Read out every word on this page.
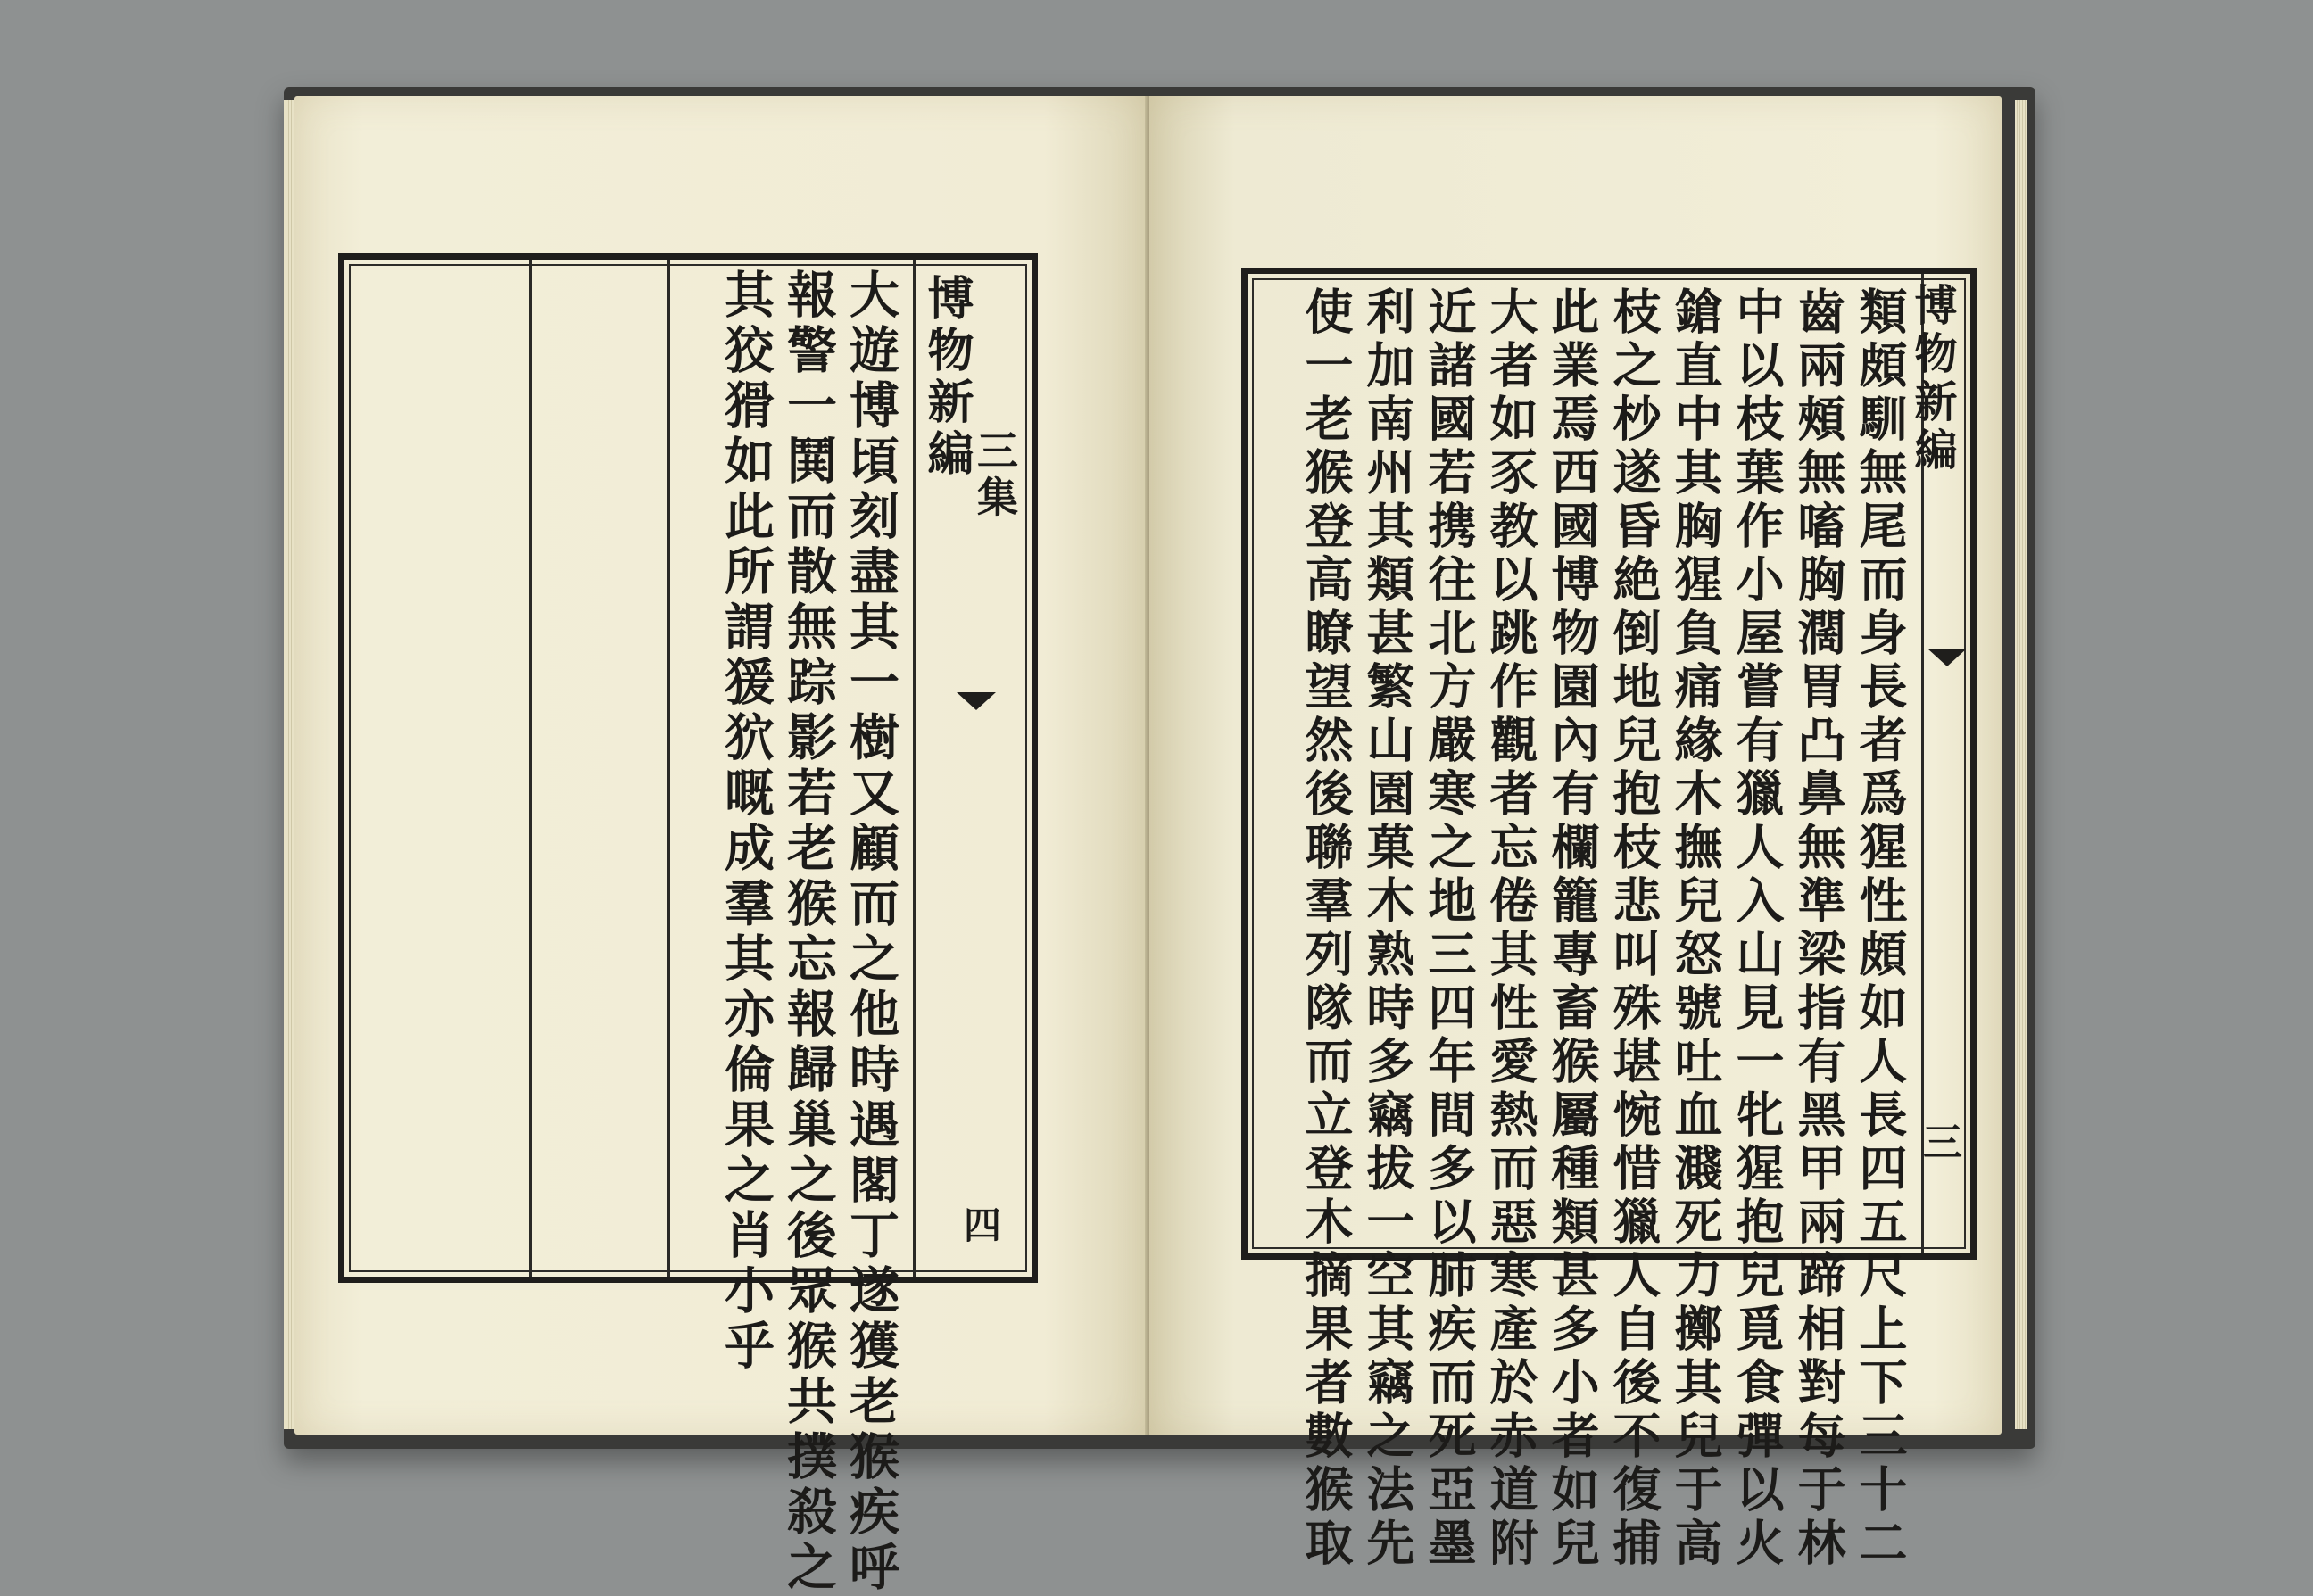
博物新編
三集
四
大遊博頃刻盡其一樹又顧而之他時遇閣丁遂獲老猴疾呼
報警一鬨而散無踪影若老猴忘報歸巢之後眾猴共撲殺之
其狡猾如此所謂猨狖嘅成羣其亦倫果之肖小乎	博物新編
三
類頗馴無尾而身長者爲猩性頗如人長四五尺上下三十二
齒兩頰無㗜胸濶胃凸鼻無準梁指有黑甲兩蹄相對每于林
中以枝葉作小屋嘗有獵人入山見一牝猩抱兒覓食彈以火
鎗直中其胸猩負痛緣木撫兒怒號吐血濺死力擲其兒于高
枝之杪遂昏絶倒地兒抱枝悲叫殊堪惋惜獵人自後不復捕
此業焉西國博物園內有欄籠專畜猴屬種類甚多小者如兒
大者如豕教以跳作觀者忘倦其性愛熱而惡寒產於赤道附
近諸國若携往北方嚴寒之地三四年間多以肺疾而死亞墨
利加南州其類甚繁山園菓木熟時多竊拔一空其竊之法先
使一老猴登高瞭望然後聯羣列隊而立登木摘果者數猴取
